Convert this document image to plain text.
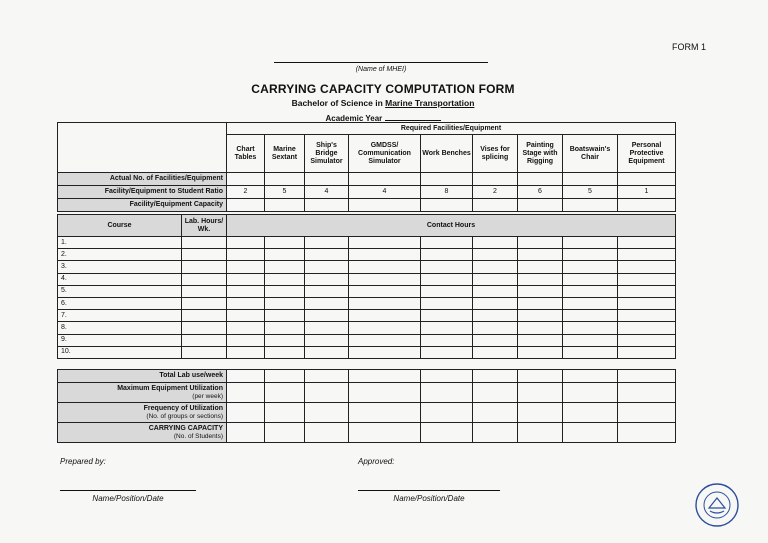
FORM 1
(Name of MHEI)
CARRYING CAPACITY COMPUTATION FORM
Bachelor of Science in Marine Transportation
Academic Year
	Required Facilities/Equipment								
	Chart Tables	Marine Sextant	Ship's Bridge Simulator	GMDSS/ Communication Simulator	Work Benches	Vises for splicing	Painting Stage with Rigging	Boatswain's Chair	Personal Protective Equipment
Actual No. of Facilities/Equipment									
Facility/Equipment to Student Ratio	2	5	4	4	8	2	6	5	1
Facility/Equipment Capacity									
Course	Lab. Hours/ Wk.	Contact Hours								
1.										
2.										
3.										
4.										
5.										
6.										
7.										
8.										
9.										
10.										
Total Lab use/week									

Maximum Equipment Utilization
(per week)									

Frequency of Utilization
(No. of groups or sections)									

CARRYING CAPACITY
(No. of Students)									

Prepared by:	Approved:
Name/Position/Date	Name/Position/Date
